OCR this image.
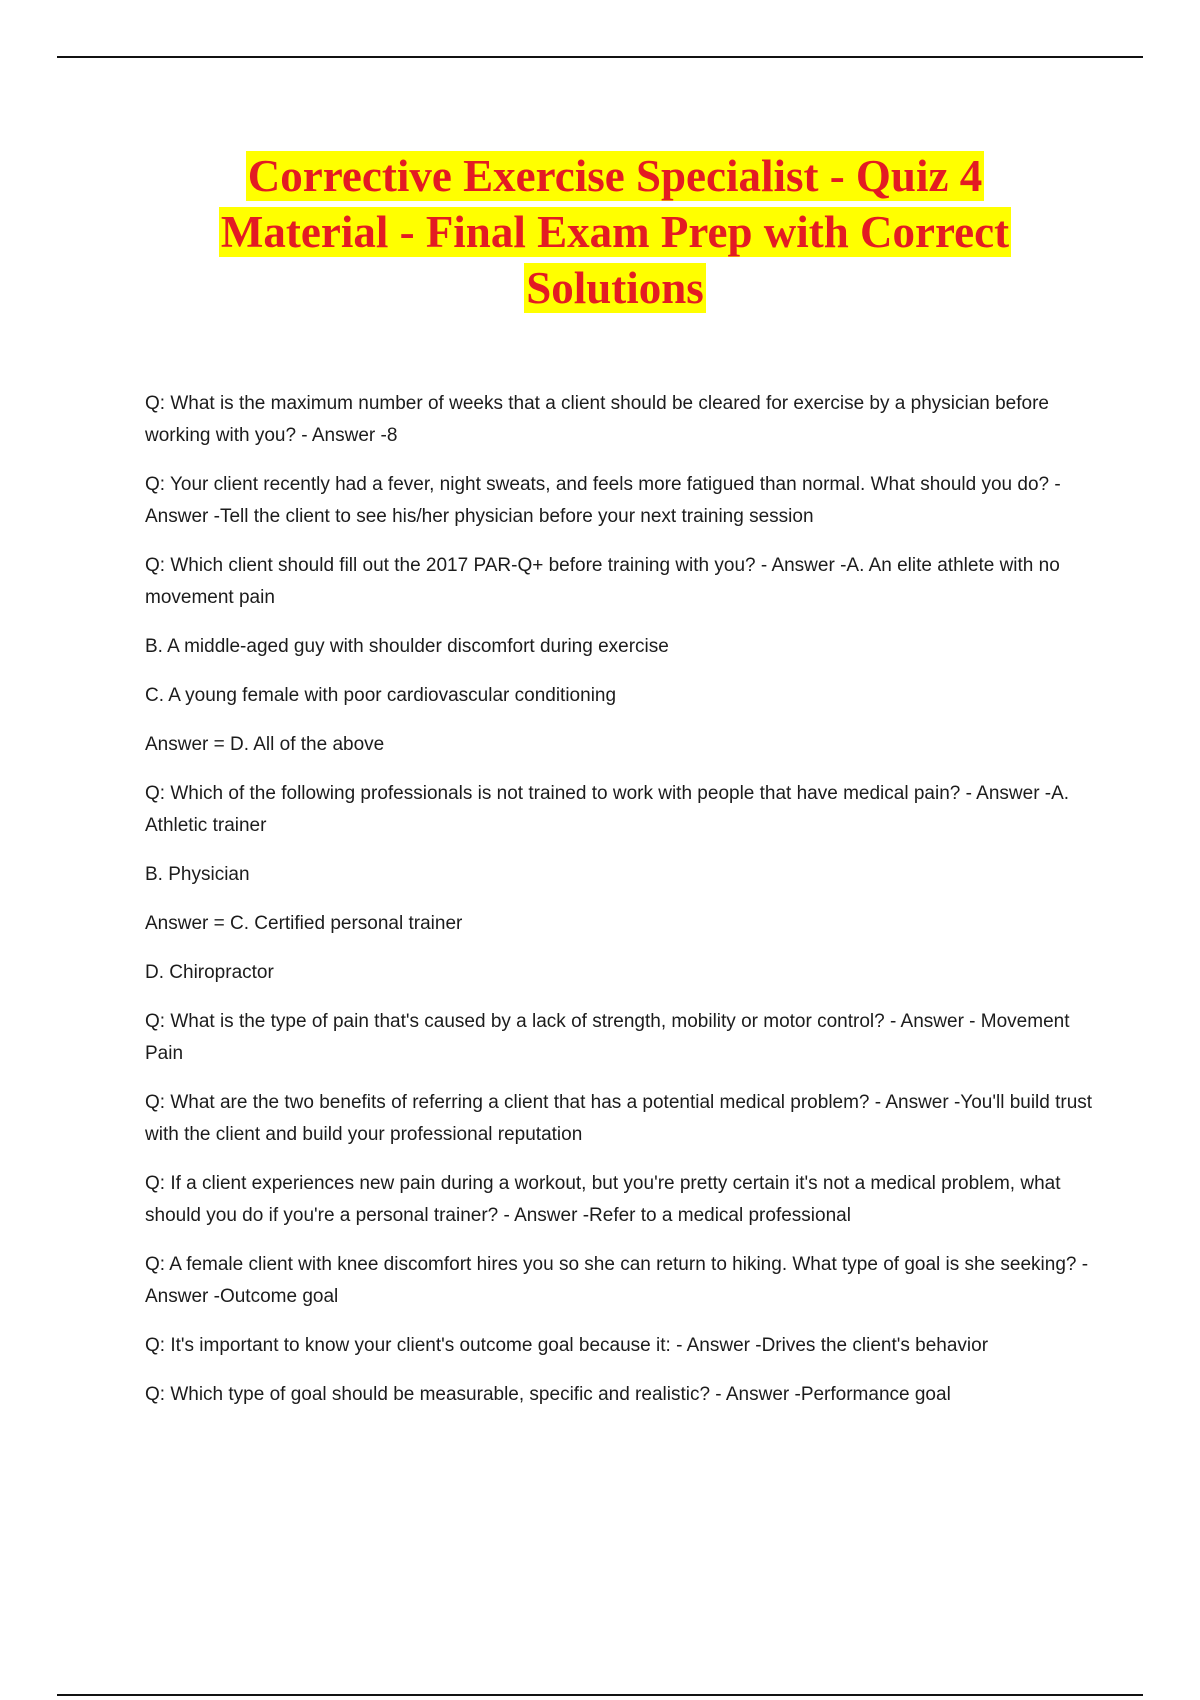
Corrective Exercise Specialist - Quiz 4
Material - Final Exam Prep with Correct
Solutions

Q: What is the maximum number of weeks that a client should be cleared for exercise by a physician before working with you? - Answer -8

Q: Your client recently had a fever, night sweats, and feels more fatigued than normal. What should you do? - Answer -Tell the client to see his/her physician before your next training session

Q: Which client should fill out the 2017 PAR-Q+ before training with you? - Answer -A. An elite athlete with no movement pain

B. A middle-aged guy with shoulder discomfort during exercise

C. A young female with poor cardiovascular conditioning

Answer = D. All of the above

Q: Which of the following professionals is not trained to work with people that have medical pain? - Answer -A. Athletic trainer

B. Physician

Answer = C. Certified personal trainer

D. Chiropractor

Q: What is the type of pain that's caused by a lack of strength, mobility or motor control? - Answer - Movement Pain

Q: What are the two benefits of referring a client that has a potential medical problem? - Answer -You'll build trust with the client and build your professional reputation

Q: If a client experiences new pain during a workout, but you're pretty certain it's not a medical problem, what should you do if you're a personal trainer? - Answer -Refer to a medical professional

Q: A female client with knee discomfort hires you so she can return to hiking. What type of goal is she seeking? - Answer -Outcome goal

Q: It's important to know your client's outcome goal because it: - Answer -Drives the client's behavior

Q: Which type of goal should be measurable, specific and realistic? - Answer -Performance goal
